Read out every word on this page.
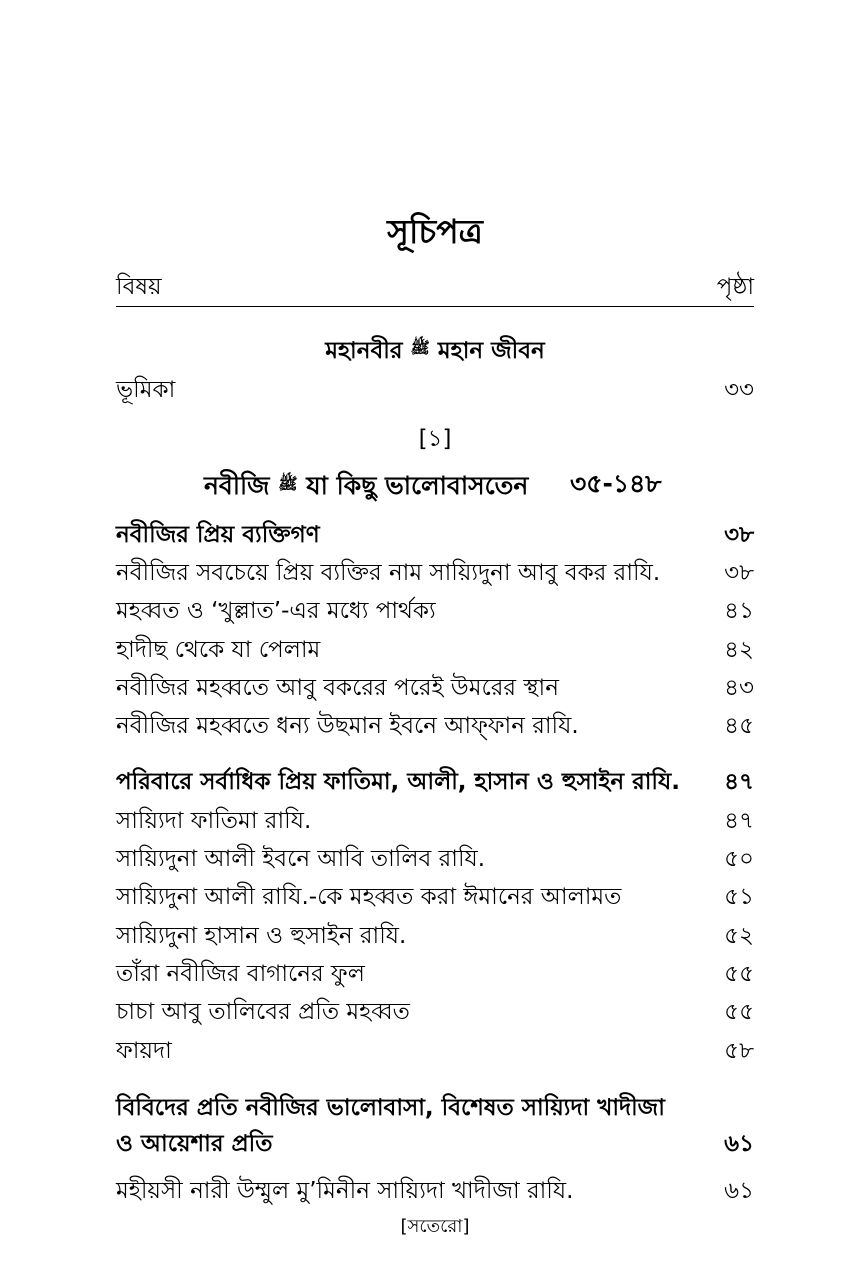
সূচিপত্র
বিষয়	পৃষ্ঠা
মহানবীর $^ﷺ$ মহান জীবন
ভূমিকা	৩৩
[১]
নবীজি $^ﷺ$ যা কিছু ভালোবাসতেন ৩৫-১৪৮
নবীজির প্রিয় ব্যক্তিগণ	৩৮
নবীজির সবচেয়ে প্রিয় ব্যক্তির নাম সায়্যিদুনা আবু বকর রাযি.	৩৮
মহব্বত ও ‘খুল্লাত’-এর মধ্যে পার্থক্য	৪১
হাদীছ থেকে যা পেলাম	৪২
নবীজির মহব্বতে আবু বকরের পরেই উমরের স্থান	৪৩
নবীজির মহব্বতে ধন্য উছমান ইবনে আফ্ফান রাযি.	৪৫
পরিবারে সর্বাধিক প্রিয় ফাতিমা, আলী, হাসান ও হুসাইন রাযি. ৪৭
সায়্যিদা ফাতিমা রাযি.	৪৭
সায়্যিদুনা আলী ইবনে আবি তালিব রাযি.	৫০
সায়্যিদুনা আলী রাযি.-কে মহব্বত করা ঈমানের আলামত	৫১
সায়্যিদুনা হাসান ও হুসাইন রাযি.	৫২
তাঁরা নবীজির বাগানের ফুল	৫৫
চাচা আবু তালিবের প্রতি মহব্বত	৫৫
ফায়দা	৫৮
বিবিদের প্রতি নবীজির ভালোবাসা, বিশেষত সায়্যিদা খাদীজা
ও আয়েশার প্রতি	৬১
মহীয়সী নারী উম্মুল মু’মিনীন সায়্যিদা খাদীজা রাযি.	৬১
[সতেরো]
